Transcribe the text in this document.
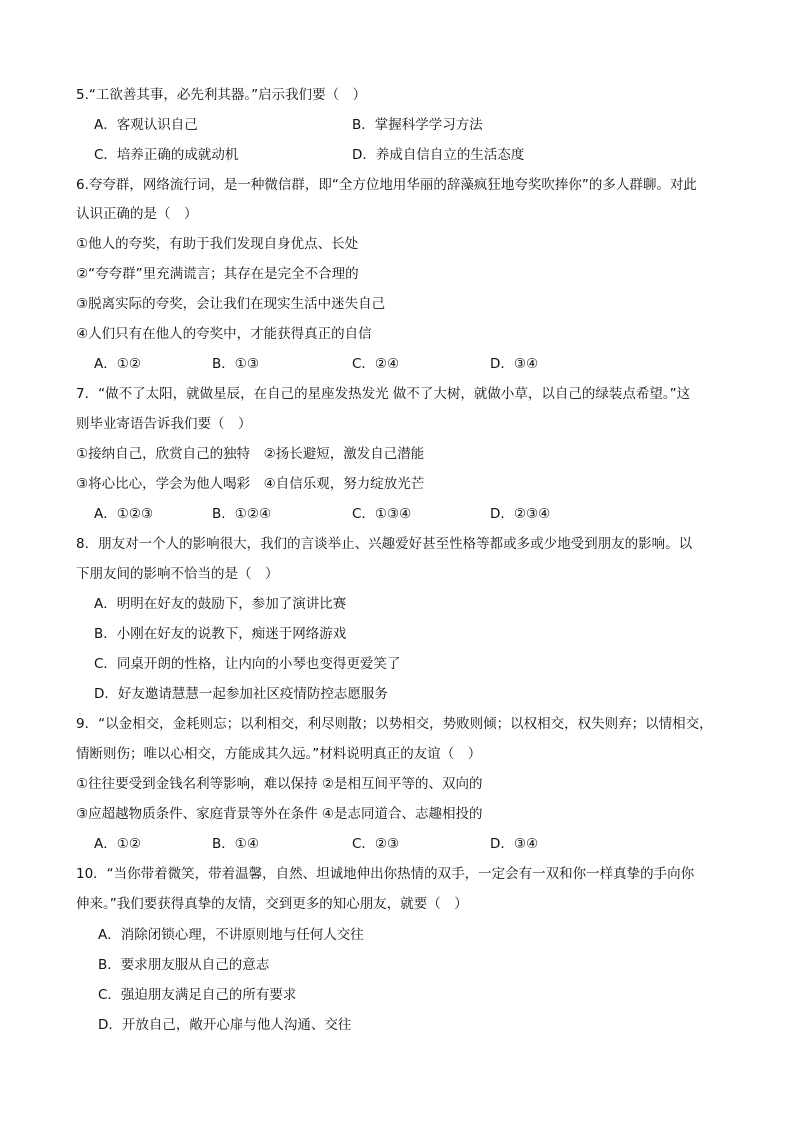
5.“工欲善其事，必先利其器。”启示我们要（　）
A．客观认识自己	B．掌握科学学习方法
C．培养正确的成就动机	D．养成自信自立的生活态度
6.夸夸群，网络流行词，是一种微信群，即“全方位地用华丽的辞藻疯狂地夸奖吹捧你”的多人群聊。对此
认识正确的是（　）
①他人的夸奖，有助于我们发现自身优点、长处
②“夸夸群”里充满谎言；其存在是完全不合理的
③脱离实际的夸奖，会让我们在现实生活中迷失自己
④人们只有在他人的夸奖中，才能获得真正的自信
A．①②	B．①③	C．②④	D．③④
7．“做不了太阳，就做星辰，在自己的星座发热发光 做不了大树，就做小草，以自己的绿装点希望。”这
则毕业寄语告诉我们要（　）
①接纳自己，欣赏自己的独特　②扬长避短，激发自己潜能
③将心比心，学会为他人喝彩　④自信乐观，努力绽放光芒
A．①②③	B．①②④	C．①③④	D．②③④
8．朋友对一个人的影响很大，我们的言谈举止、兴趣爱好甚至性格等都或多或少地受到朋友的影响。以
下朋友间的影响不恰当的是（　）
A．明明在好友的鼓励下，参加了演讲比赛
B．小刚在好友的说教下，痴迷于网络游戏
C．同桌开朗的性格，让内向的小琴也变得更爱笑了
D．好友邀请慧慧一起参加社区疫情防控志愿服务
9．“以金相交，金耗则忘；以利相交，利尽则散；以势相交，势败则倾；以权相交，权失则弃；以情相交，
情断则伤；唯以心相交，方能成其久远。”材料说明真正的友谊（　）
①往往要受到金钱名利等影响，难以保持 ②是相互间平等的、双向的
③应超越物质条件、家庭背景等外在条件 ④是志同道合、志趣相投的
A．①②	B．①④	C．②③	D．③④
10．“当你带着微笑，带着温馨，自然、坦诚地伸出你热情的双手，一定会有一双和你一样真挚的手向你
伸来。”我们要获得真挚的友情，交到更多的知心朋友，就要（　）
A．消除闭锁心理，不讲原则地与任何人交往
B．要求朋友服从自己的意志
C．强迫朋友满足自己的所有要求
D．开放自己，敞开心扉与他人沟通、交往
